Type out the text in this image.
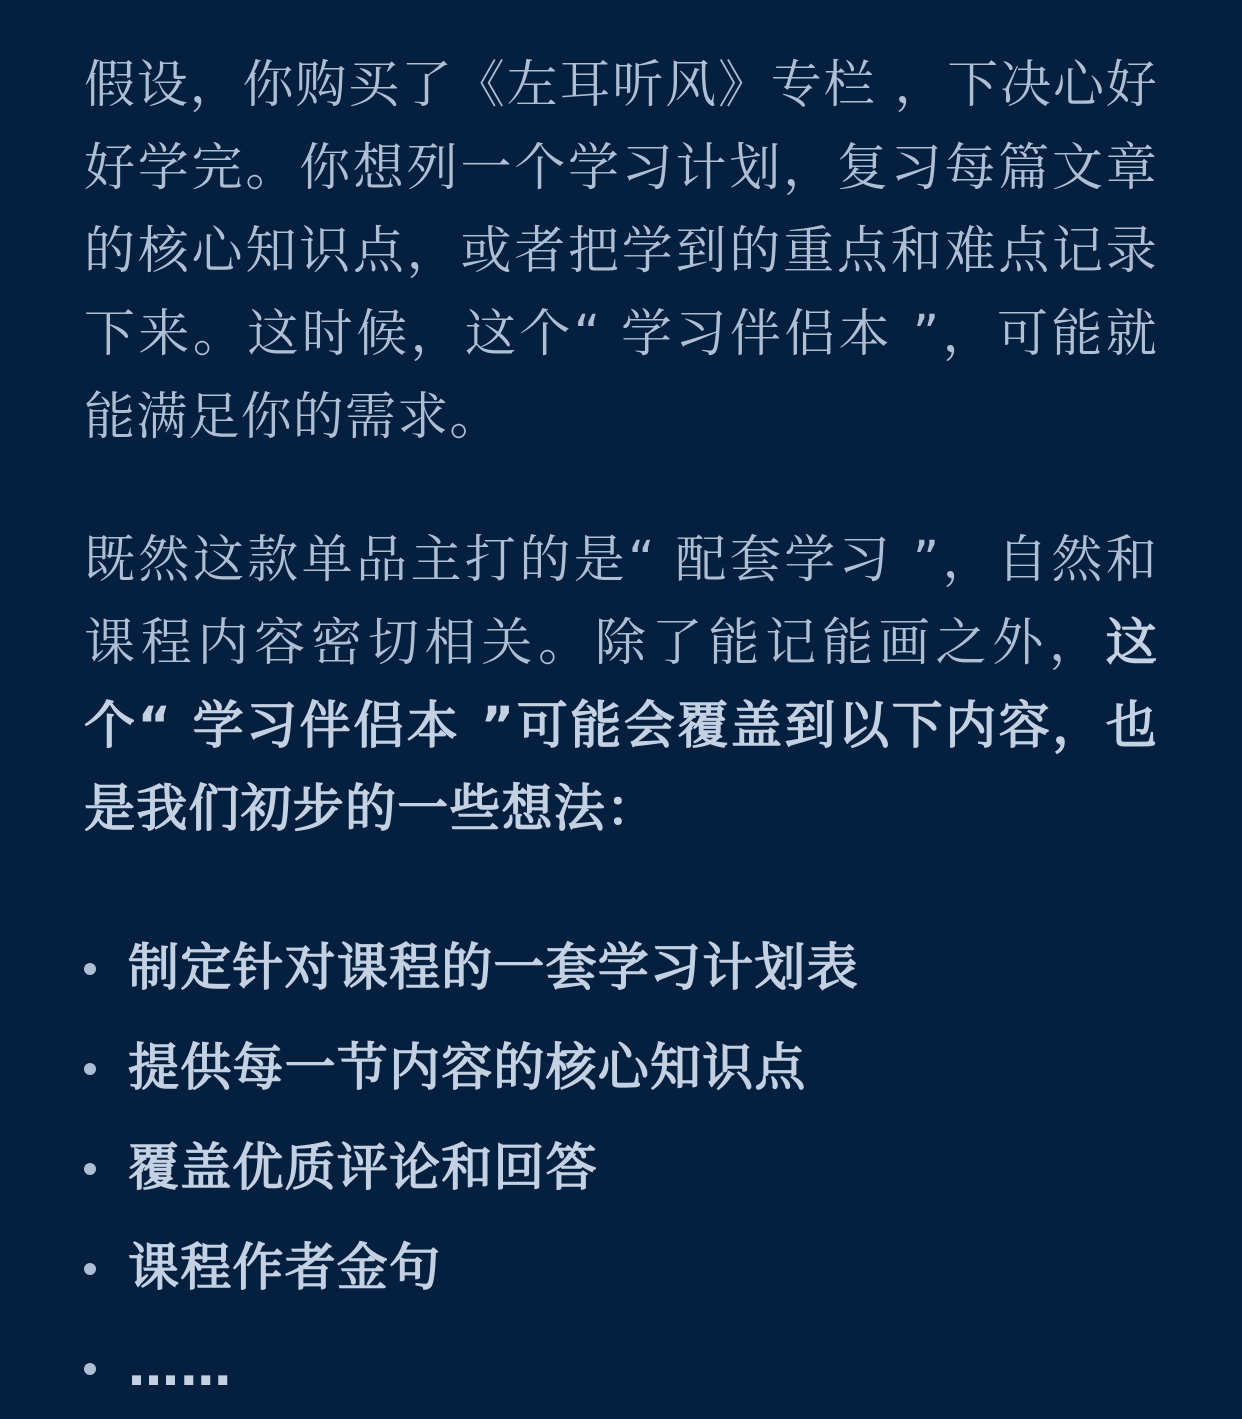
假设，你购买了《左耳听风》专栏 ，下决心好好学完。你想列一个学习计划，复习每篇文章的核心知识点，或者把学到的重点和难点记录下来。这时候，这个“ 学习伴侣本 ”，可能就能满足你的需求。

既然这款单品主打的是“ 配套学习 ”，自然和课程内容密切相关。除了能记能画之外，这个“ 学习伴侣本 ”可能会覆盖到以下内容，也是我们初步的一些想法：

制定针对课程的一套学习计划表
提供每一节内容的核心知识点
覆盖优质评论和回答
课程作者金句
……
